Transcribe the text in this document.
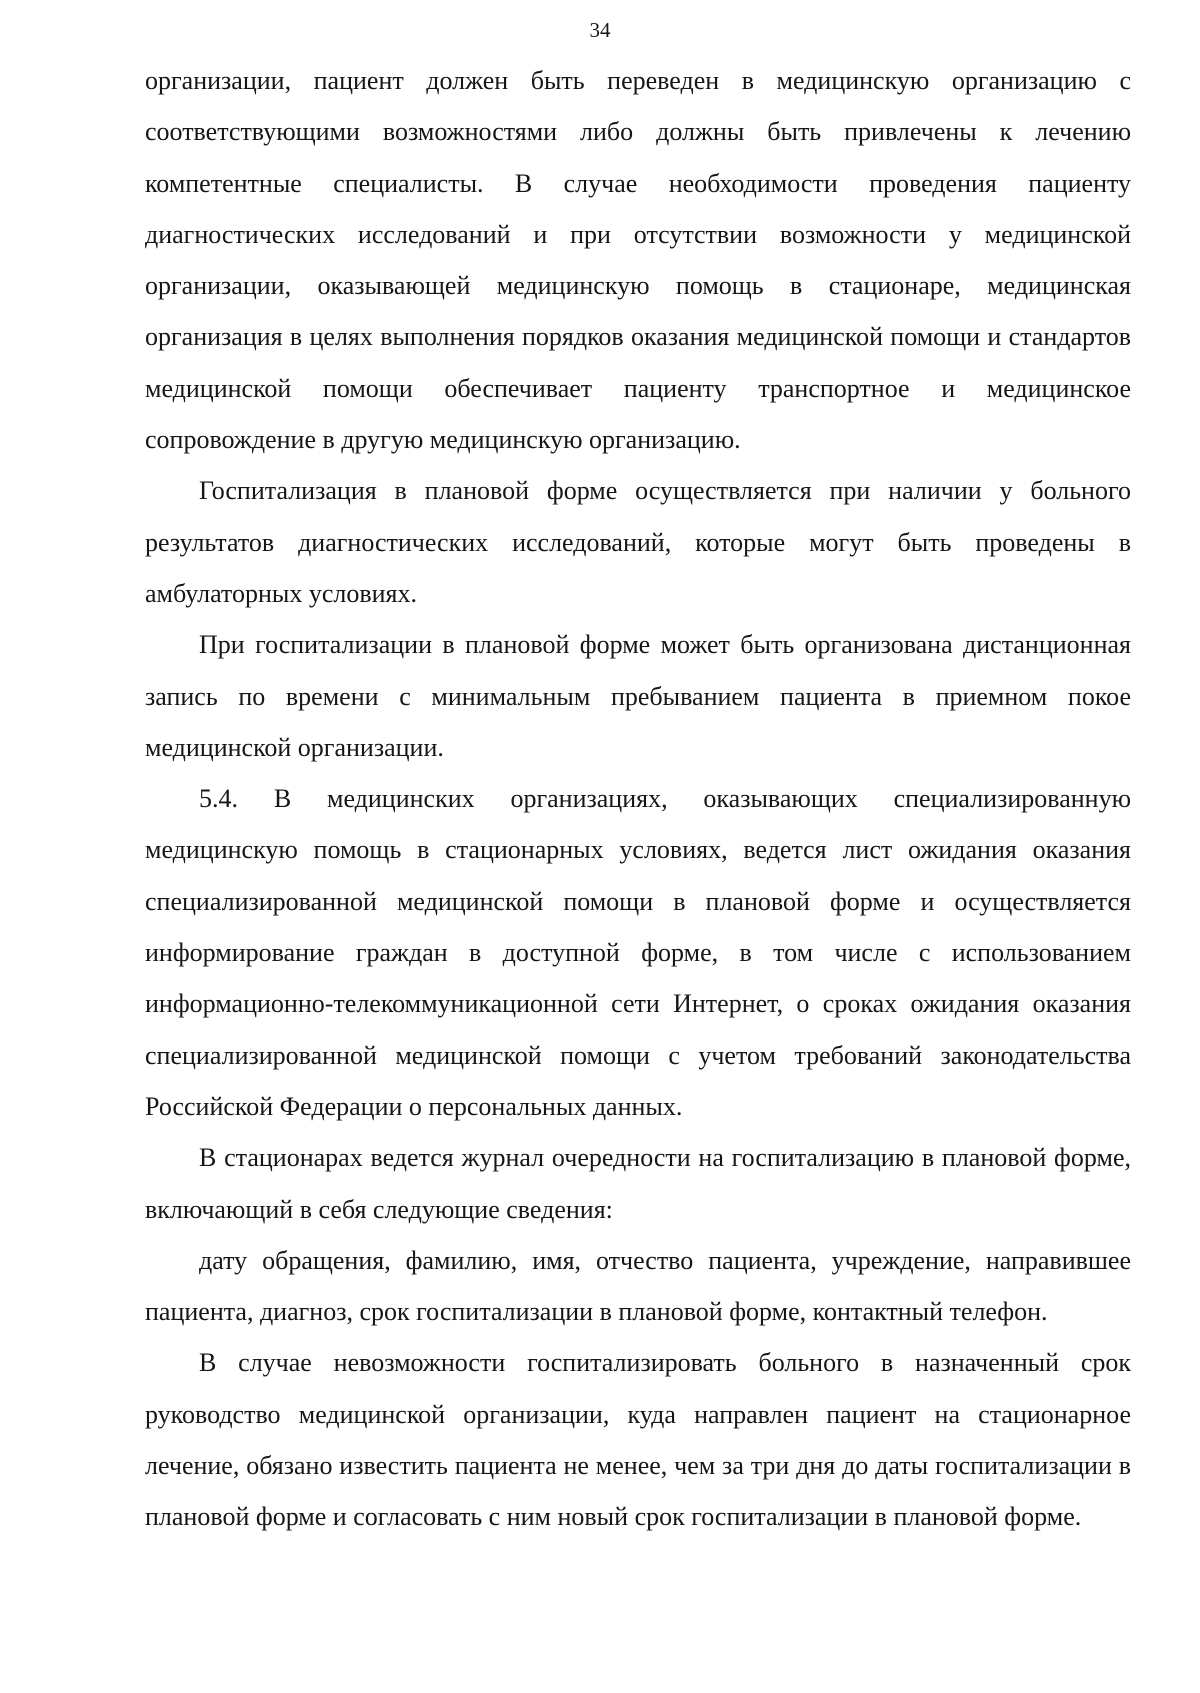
34

организации, пациент должен быть переведен в медицинскую организацию с соответствующими возможностями либо должны быть привлечены к лечению компетентные специалисты. В случае необходимости проведения пациенту диагностических исследований и при отсутствии возможности у медицинской организации, оказывающей медицинскую помощь в стационаре, медицинская организация в целях выполнения порядков оказания медицинской помощи и стандартов медицинской помощи обеспечивает пациенту транспортное и медицинское сопровождение в другую медицинскую организацию.

Госпитализация в плановой форме осуществляется при наличии у больного результатов диагностических исследований, которые могут быть проведены в амбулаторных условиях.

При госпитализации в плановой форме может быть организована дистанционная запись по времени с минимальным пребыванием пациента в приемном покое медицинской организации.

5.4. В медицинских организациях, оказывающих специализированную медицинскую помощь в стационарных условиях, ведется лист ожидания оказания специализированной медицинской помощи в плановой форме и осуществляется информирование граждан в доступной форме, в том числе с использованием информационно-телекоммуникационной сети Интернет, о сроках ожидания оказания специализированной медицинской помощи с учетом требований законодательства Российской Федерации о персональных данных.

В стационарах ведется журнал очередности на госпитализацию в плановой форме, включающий в себя следующие сведения:

дату обращения, фамилию, имя, отчество пациента, учреждение, направившее пациента, диагноз, срок госпитализации в плановой форме, контактный телефон.

В случае невозможности госпитализировать больного в назначенный срок руководство медицинской организации, куда направлен пациент на стационарное лечение, обязано известить пациента не менее, чем за три дня до даты госпитализации в плановой форме и согласовать с ним новый срок госпитализации в плановой форме.
